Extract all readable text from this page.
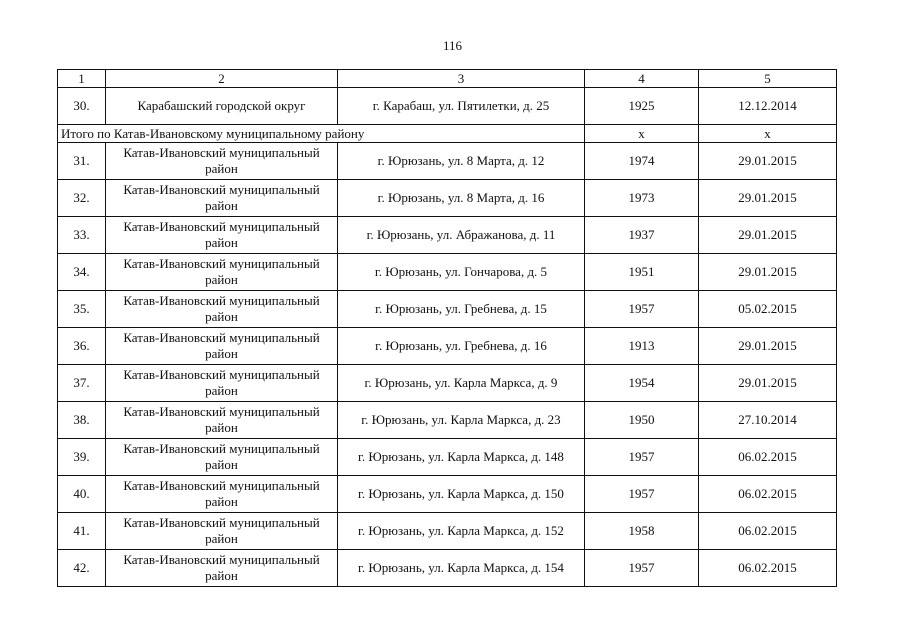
116
1	2	3	4	5
30.	Карабашский городской округ	г. Карабаш, ул. Пятилетки, д. 25	1925	12.12.2014
Итого по Катав-Ивановскому муниципальному району			х	х
31.	Катав-Ивановский муниципальный район	г. Юрюзань, ул. 8 Марта, д. 12	1974	29.01.2015
32.	Катав-Ивановский муниципальный район	г. Юрюзань, ул. 8 Марта, д. 16	1973	29.01.2015
33.	Катав-Ивановский муниципальный район	г. Юрюзань, ул. Абражанова, д. 11	1937	29.01.2015
34.	Катав-Ивановский муниципальный район	г. Юрюзань, ул. Гончарова, д. 5	1951	29.01.2015
35.	Катав-Ивановский муниципальный район	г. Юрюзань, ул. Гребнева, д. 15	1957	05.02.2015
36.	Катав-Ивановский муниципальный район	г. Юрюзань, ул. Гребнева, д. 16	1913	29.01.2015
37.	Катав-Ивановский муниципальный район	г. Юрюзань, ул. Карла Маркса, д. 9	1954	29.01.2015
38.	Катав-Ивановский муниципальный район	г. Юрюзань, ул. Карла Маркса, д. 23	1950	27.10.2014
39.	Катав-Ивановский муниципальный район	г. Юрюзань, ул. Карла Маркса, д. 148	1957	06.02.2015
40.	Катав-Ивановский муниципальный район	г. Юрюзань, ул. Карла Маркса, д. 150	1957	06.02.2015
41.	Катав-Ивановский муниципальный район	г. Юрюзань, ул. Карла Маркса, д. 152	1958	06.02.2015
42.	Катав-Ивановский муниципальный район	г. Юрюзань, ул. Карла Маркса, д. 154	1957	06.02.2015
